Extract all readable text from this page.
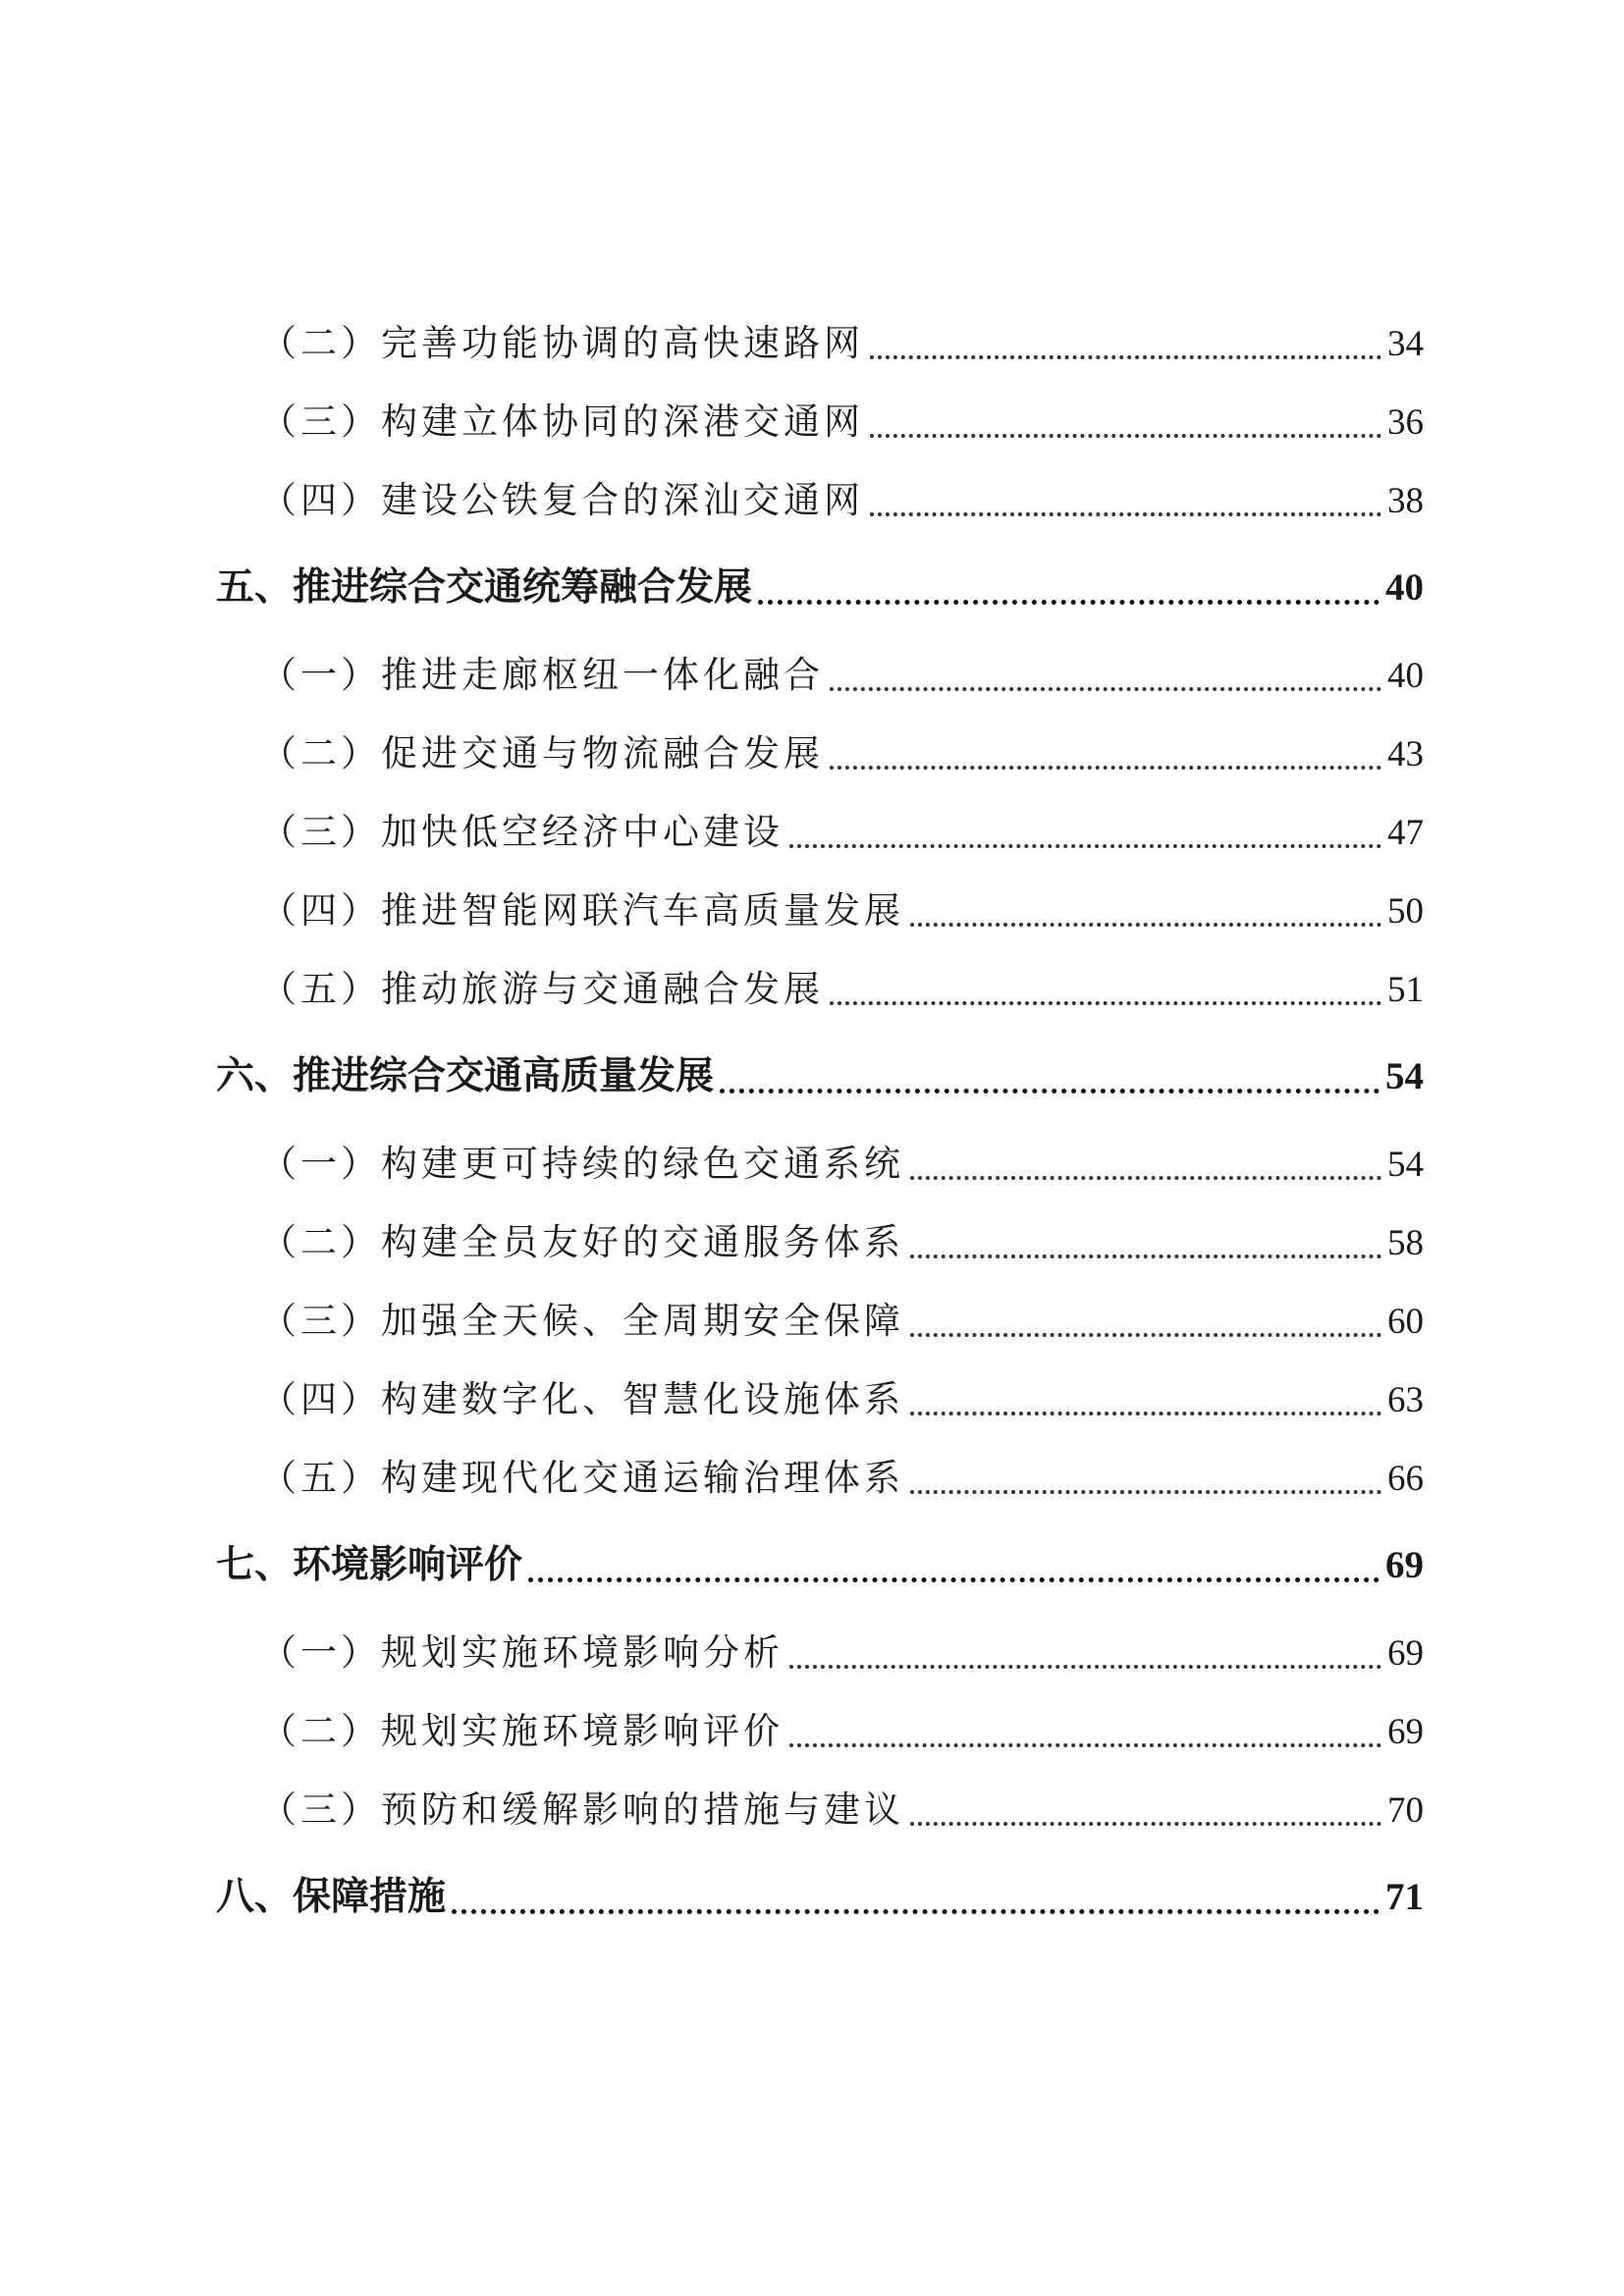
（二）完善功能协调的高快速路网	34
（三）构建立体协同的深港交通网	36
（四）建设公铁复合的深汕交通网	38
五、推进综合交通统筹融合发展	40
（一）推进走廊枢纽一体化融合	40
（二）促进交通与物流融合发展	43
（三）加快低空经济中心建设	47
（四）推进智能网联汽车高质量发展	50
（五）推动旅游与交通融合发展	51
六、推进综合交通高质量发展	54
（一）构建更可持续的绿色交通系统	54
（二）构建全员友好的交通服务体系	58
（三）加强全天候、全周期安全保障	60
（四）构建数字化、智慧化设施体系	63
（五）构建现代化交通运输治理体系	66
七、环境影响评价	69
（一）规划实施环境影响分析	69
（二）规划实施环境影响评价	69
（三）预防和缓解影响的措施与建议	70
八、保障措施	71
